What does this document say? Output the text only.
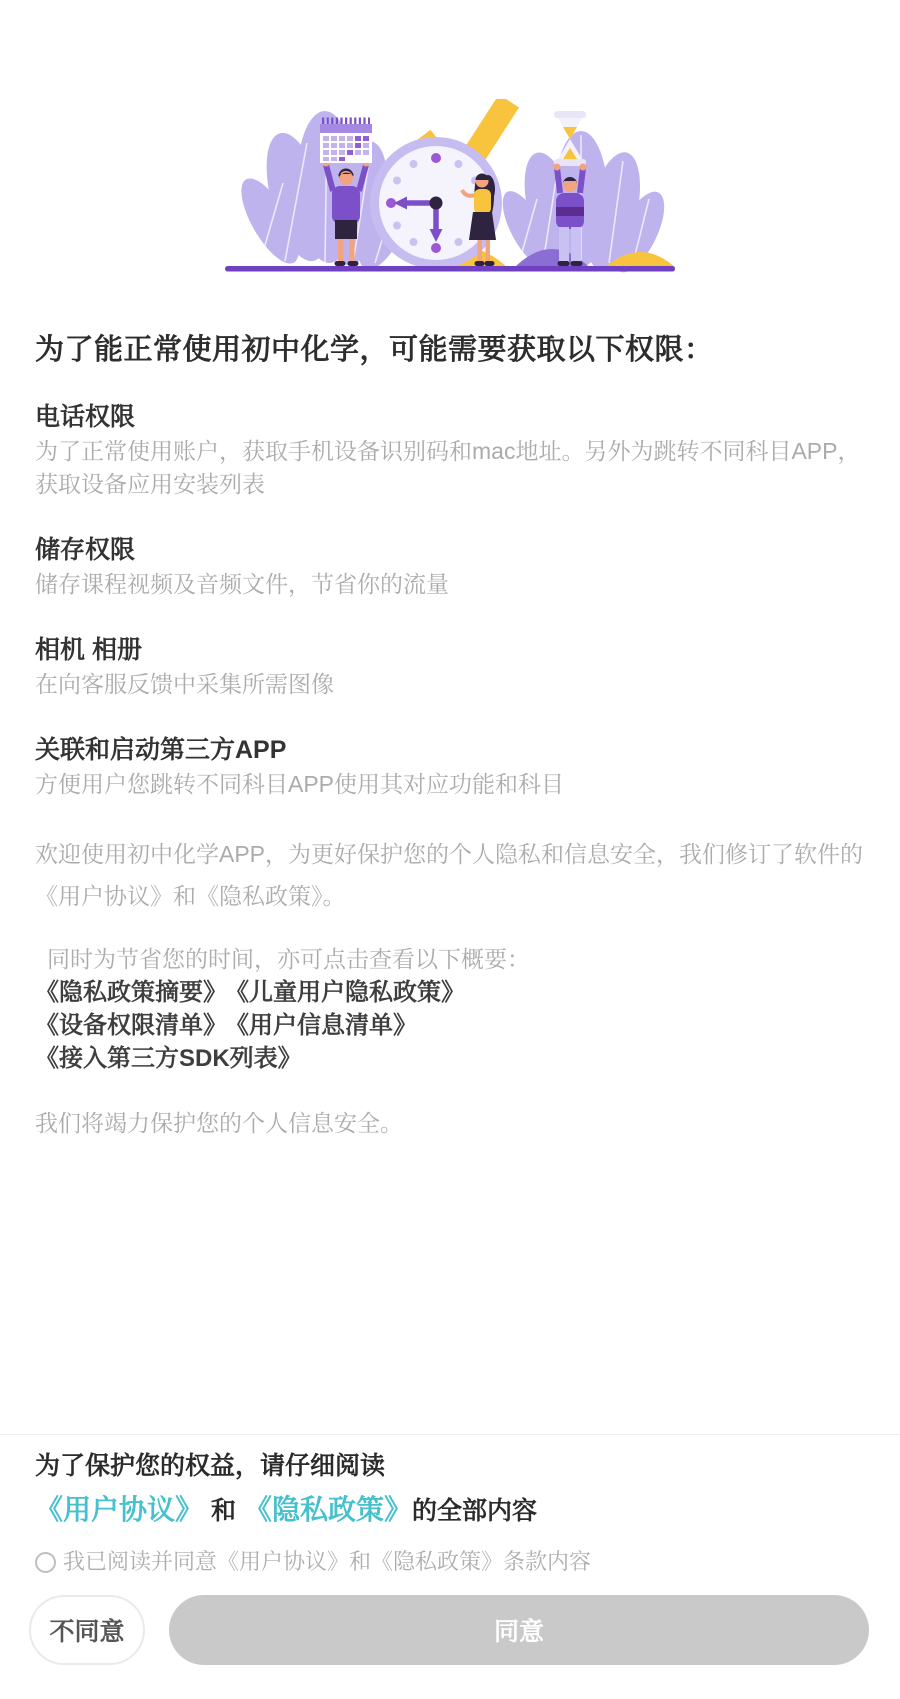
为了能正常使用初中化学，可能需要获取以下权限：
电话权限
为了正常使用账户，获取手机设备识别码和mac地址。另外为跳转不同科目APP，获取设备应用安装列表
储存权限
储存课程视频及音频文件，节省你的流量
相机 相册
在向客服反馈中采集所需图像
关联和启动第三方APP
方便用户您跳转不同科目APP使用其对应功能和科目

欢迎使用初中化学APP，为更好保护您的个人隐私和信息安全，我们修订了软件的《用户协议》和《隐私政策》。

同时为节省您的时间，亦可点击查看以下概要：
《隐私政策摘要》 《儿童用户隐私政策》
《设备权限清单》 《用户信息清单》
《接入第三方SDK列表》

我们将竭力保护您的个人信息安全。

为了保护您的权益，请仔细阅读
《用户协议》 和 《隐私政策》的全部内容
我已阅读并同意《用户协议》和《隐私政策》条款内容
不同意	同意
